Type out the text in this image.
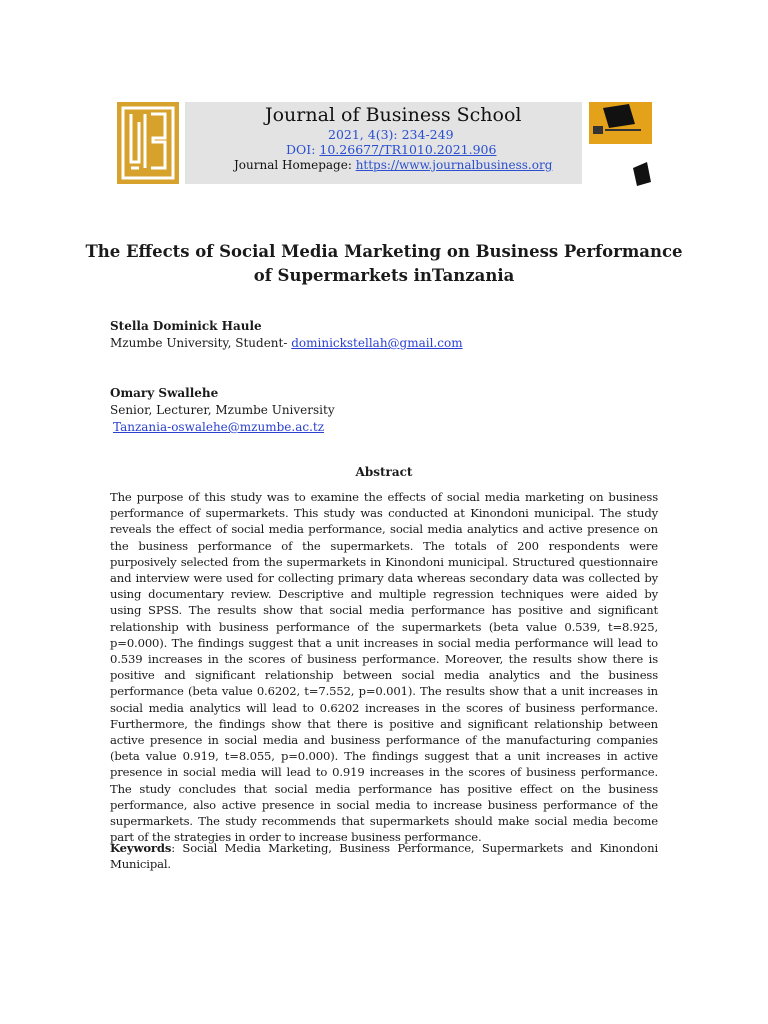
Journal of Business School
2021, 4(3): 234-249
DOI: 10.26677/TR1010.2021.906
Journal Homepage: https://www.journalbusiness.org
The Effects of Social Media Marketing on Business Performance
of Supermarkets inTanzania
Stella Dominick Haule
Mzumbe University, Student- dominickstellah@gmail.com
Omary Swallehe
Senior, Lecturer, Mzumbe University
Tanzania-oswalehe@mzumbe.ac.tz
Abstract
The purpose of this study was to examine the effects of social media marketing on business performance of supermarkets. This study was conducted at Kinondoni municipal. The study reveals the effect of social media performance, social media analytics and active presence on the business performance of the supermarkets. The totals of 200 respondents were purposively selected from the supermarkets in Kinondoni municipal. Structured questionnaire and interview were used for collecting primary data whereas secondary data was collected by using documentary review. Descriptive and multiple regression techniques were aided by using SPSS. The results show that social media performance has positive and significant relationship with business performance of the supermarkets (beta value 0.539, t=8.925, p=0.000). The findings suggest that a unit increases in social media performance will lead to 0.539 increases in the scores of business performance. Moreover, the results show there is positive and significant relationship between social media analytics and the business performance (beta value 0.6202, t=7.552, p=0.001). The results show that a unit increases in social media analytics will lead to 0.6202 increases in the scores of business performance. Furthermore, the findings show that there is positive and significant relationship between active presence in social media and business performance of the manufacturing companies (beta value 0.919, t=8.055, p=0.000). The findings suggest that a unit increases in active presence in social media will lead to 0.919 increases in the scores of business performance. The study concludes that social media performance has positive effect on the business performance, also active presence in social media to increase business performance of the supermarkets. The study recommends that supermarkets should make social media become part of the strategies in order to increase business performance.
Keywords: Social Media Marketing, Business Performance, Supermarkets and Kinondoni Municipal.
